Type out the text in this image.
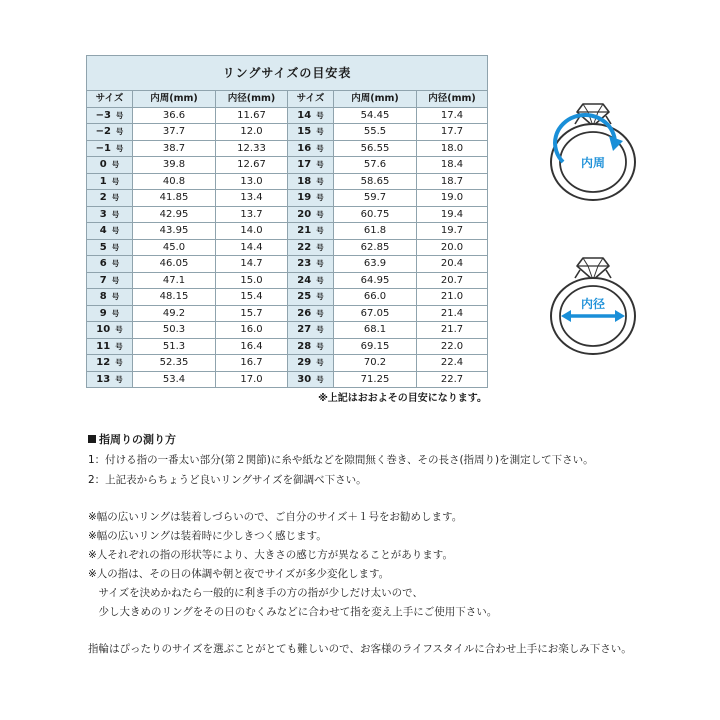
リングサイズの目安表					
サイズ	内周(mm)	内径(mm)	サイズ	内周(mm)	内径(mm)
−3 号	36.6	11.67	14 号	54.45	17.4
−2 号	37.7	12.0	15 号	55.5	17.7
−1 号	38.7	12.33	16 号	56.55	18.0
0 号	39.8	12.67	17 号	57.6	18.4
1 号	40.8	13.0	18 号	58.65	18.7
2 号	41.85	13.4	19 号	59.7	19.0
3 号	42.95	13.7	20 号	60.75	19.4
4 号	43.95	14.0	21 号	61.8	19.7
5 号	45.0	14.4	22 号	62.85	20.0
6 号	46.05	14.7	23 号	63.9	20.4
7 号	47.1	15.0	24 号	64.95	20.7
8 号	48.15	15.4	25 号	66.0	21.0
9 号	49.2	15.7	26 号	67.05	21.4
10 号	50.3	16.0	27 号	68.1	21.7
11 号	51.3	16.4	28 号	69.15	22.0
12 号	52.35	16.7	29 号	70.2	22.4
13 号	53.4	17.0	30 号	71.25	22.7
※上記はおおよその目安になります。
内周
内径
指周りの測り方
1：付ける指の一番太い部分(第２関節)に糸や紙などを隙間無く巻き、その長さ(指周り)を測定して下さい。
2：上記表からちょうど良いリングサイズを御調べ下さい。
※幅の広いリングは装着しづらいので、ご自分のサイズ＋１号をお勧めします。
※幅の広いリングは装着時に少しきつく感じます。
※人それぞれの指の形状等により、大きさの感じ方が異なることがあります。
※人の指は、その日の体調や朝と夜でサイズが多少変化します。
　サイズを決めかねたら一般的に利き手の方の指が少しだけ太いので、
　少し大きめのリングをその日のむくみなどに合わせて指を変え上手にご使用下さい。
指輪はぴったりのサイズを選ぶことがとても難しいので、お客様のライフスタイルに合わせ上手にお楽しみ下さい。
